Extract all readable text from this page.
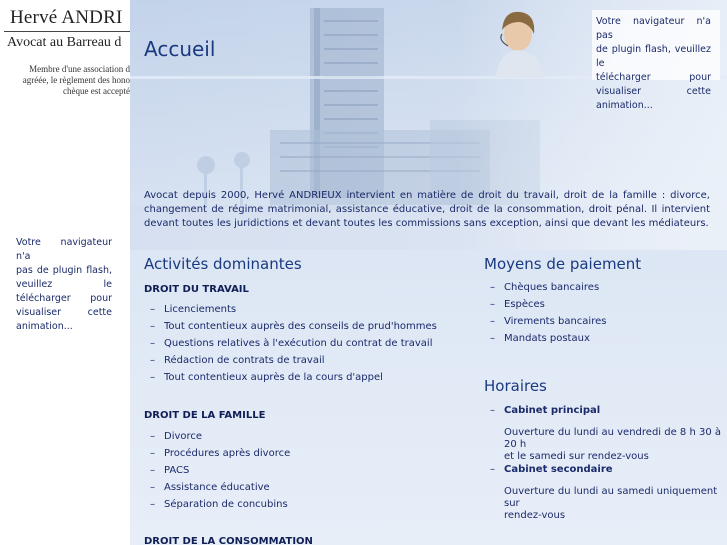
Hervé ANDRI
Avocat au Barreau d
Membre d'une association d
agréée, le règlement des hono
chèque est accepté
Votre navigateur n'a
pas de plugin flash,
veuillez le
télécharger pour
visualiser cette
animation...
Accueil
Votre navigateur n'a pas
de plugin flash, veuillez le
télécharger pour
visualiser cette
animation...

Avocat depuis 2000, Hervé ANDRIEUX intervient en matière de droit du travail, droit de la famille : divorce, changement de régime matrimonial, assistance éducative, droit de la consommation, droit pénal. Il intervient devant toutes les juridictions et devant toutes les commissions sans exception, ainsi que devant les médiateurs.

Activités dominantes
DROIT DU TRAVAIL
– Licenciements
– Tout contentieux auprès des conseils de prud'hommes
– Questions relatives à l'exécution du contrat de travail
– Rédaction de contrats de travail
– Tout contentieux auprès de la cours d'appel
DROIT DE LA FAMILLE
– Divorce
– Procédures après divorce
– PACS
– Assistance éducative
– Séparation de concubins
DROIT DE LA CONSOMMATION
Moyens de paiement
– Chèques bancaires
– Espèces
– Virements bancaires
– Mandats postaux
Horaires
– Cabinet principal
Ouverture du lundi au vendredi de 8 h 30 à 20 h
et le samedi sur rendez-vous
– Cabinet secondaire
Ouverture du lundi au samedi uniquement sur
rendez-vous
